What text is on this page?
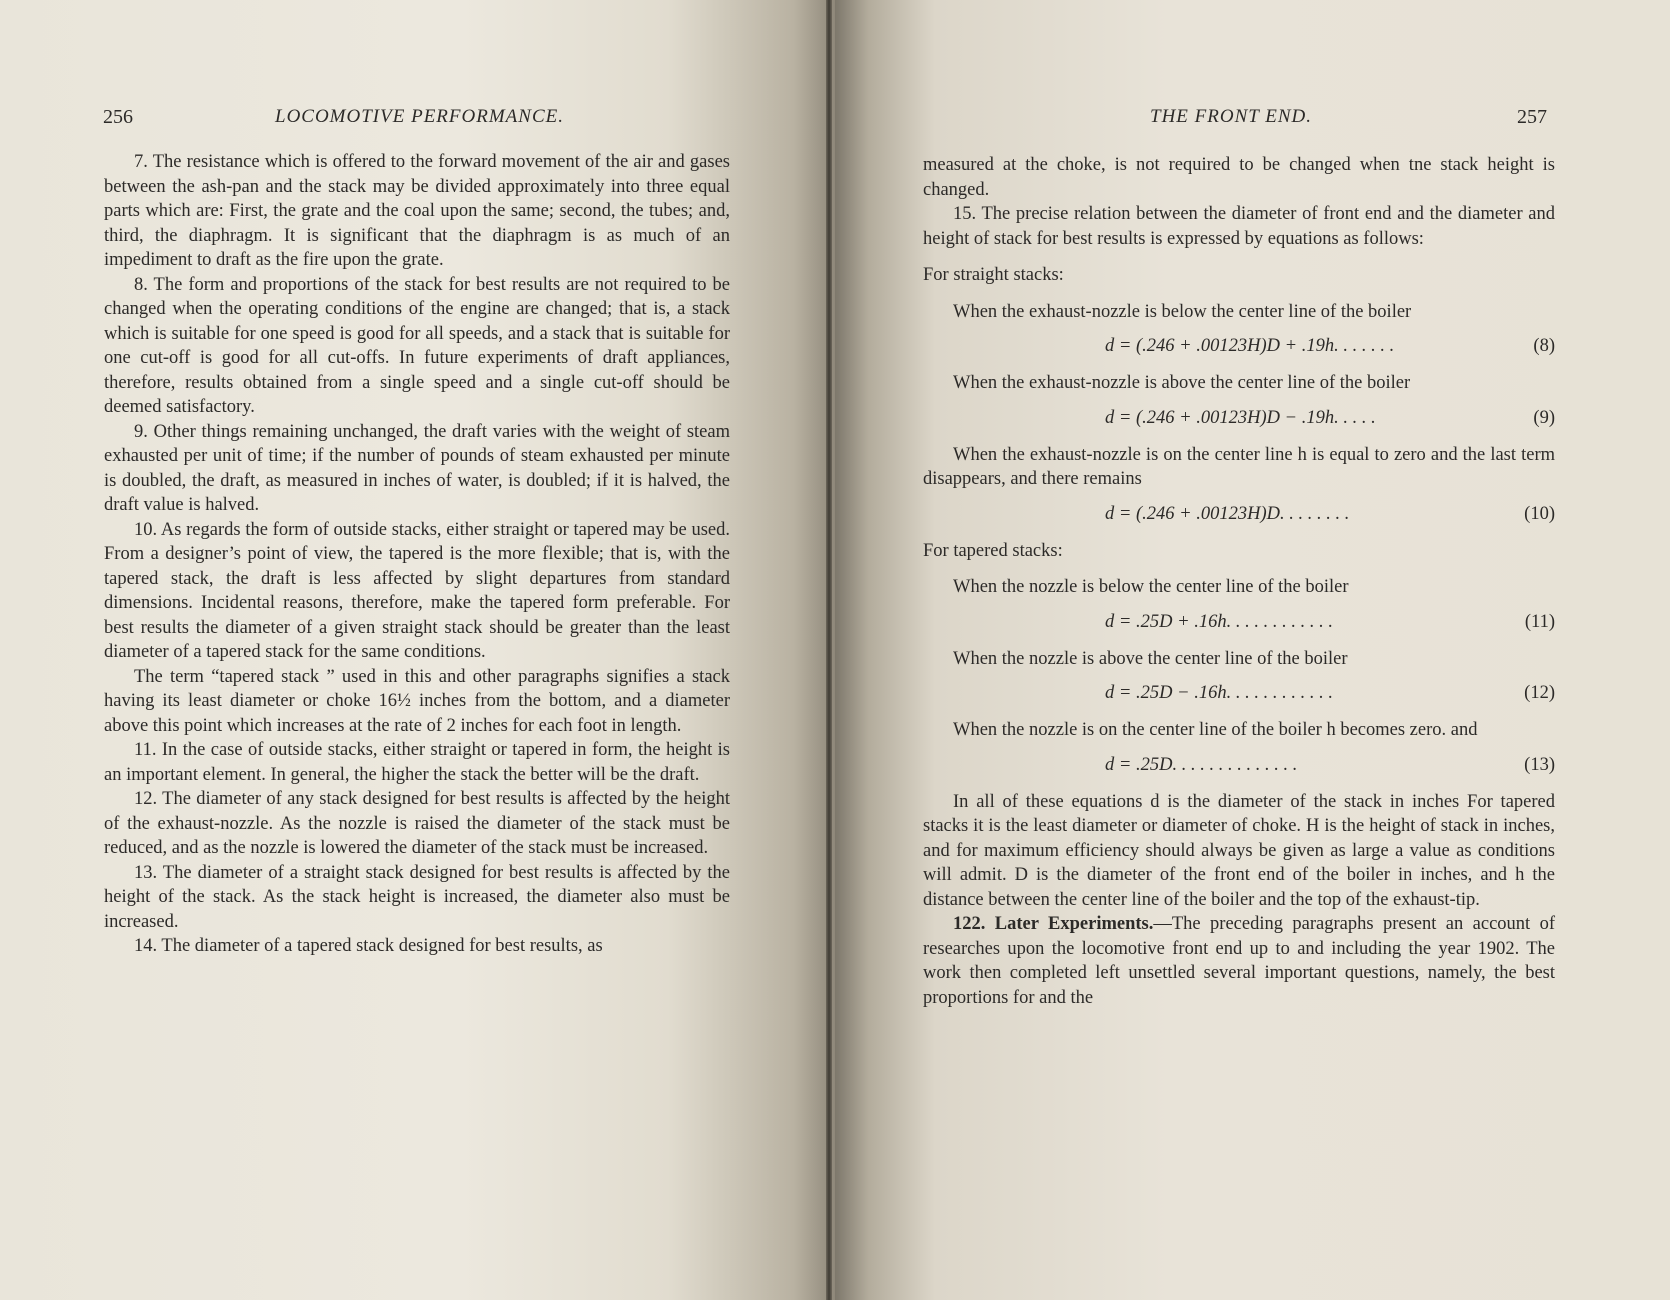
256	LOCOMOTIVE PERFORMANCE.

7. The resistance which is offered to the forward movement of the air and gases between the ash-pan and the stack may be divided approximately into three equal parts which are: First, the grate and the coal upon the same; second, the tubes; and, third, the diaphragm. It is significant that the diaphragm is as much of an impediment to draft as the fire upon the grate.

8. The form and proportions of the stack for best results are not required to be changed when the operating conditions of the engine are changed; that is, a stack which is suitable for one speed is good for all speeds, and a stack that is suitable for one cut-off is good for all cut-offs. In future experiments of draft appliances, therefore, results obtained from a single speed and a single cut-off should be deemed satisfactory.

9. Other things remaining unchanged, the draft varies with the weight of steam exhausted per unit of time; if the number of pounds of steam exhausted per minute is doubled, the draft, as measured in inches of water, is doubled; if it is halved, the draft value is halved.

10. As regards the form of outside stacks, either straight or tapered may be used. From a designer’s point of view, the tapered is the more flexible; that is, with the tapered stack, the draft is less affected by slight departures from standard dimensions. Incidental reasons, therefore, make the tapered form preferable. For best results the diameter of a given straight stack should be greater than the least diameter of a tapered stack for the same conditions.

The term “tapered stack ” used in this and other paragraphs signifies a stack having its least diameter or choke 16½ inches from the bottom, and a diameter above this point which increases at the rate of 2 inches for each foot in length.

11. In the case of outside stacks, either straight or tapered in form, the height is an important element. In general, the higher the stack the better will be the draft.

12. The diameter of any stack designed for best results is affected by the height of the exhaust-nozzle. As the nozzle is raised the diameter of the stack must be reduced, and as the nozzle is lowered the diameter of the stack must be increased.

13. The diameter of a straight stack designed for best results is affected by the height of the stack. As the stack height is increased, the diameter also must be increased.

14. The diameter of a tapered stack designed for best results, as

THE FRONT END.	257

measured at the choke, is not required to be changed when tne stack height is changed.

15. The precise relation between the diameter of front end and the diameter and height of stack for best results is expressed by equations as follows:

For straight stacks:

When the exhaust-nozzle is below the center line of the boiler

d = (.246 + .00123H)D + .19h. . . . . . .	(8)

When the exhaust-nozzle is above the center line of the boiler

d = (.246 + .00123H)D − .19h. . . . .	(9)

When the exhaust-nozzle is on the center line h is equal to zero and the last term disappears, and there remains

d = (.246 + .00123H)D. . . . . . . .	(10)

For tapered stacks:

When the nozzle is below the center line of the boiler

d = .25D + .16h. . . . . . . . . . . .	(11)

When the nozzle is above the center line of the boiler

d = .25D − .16h. . . . . . . . . . . .	(12)

When the nozzle is on the center line of the boiler h becomes zero. and

d = .25D. . . . . . . . . . . . . .	(13)

In all of these equations d is the diameter of the stack in inches For tapered stacks it is the least diameter or diameter of choke. H is the height of stack in inches, and for maximum efficiency should always be given as large a value as conditions will admit. D is the diameter of the front end of the boiler in inches, and h the distance between the center line of the boiler and the top of the exhaust-tip.

122. Later Experiments.—The preceding paragraphs present an account of researches upon the locomotive front end up to and including the year 1902. The work then completed left unsettled several important questions, namely, the best proportions for and the
